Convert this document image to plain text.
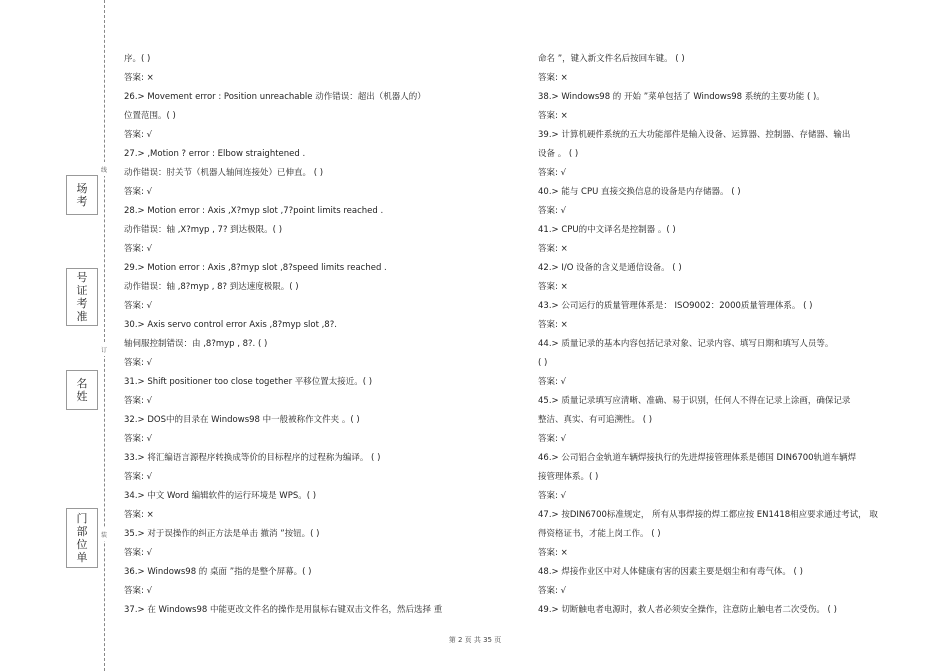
线
订
装
场
考
号
证
考
准
名
姓
门
部
位
单
序。( )
答案: ×
26.> Movement error : Position unreachable 动作错误：超出（机器人的）
位置范围。( )
答案: √
27.> ,Motion ? error : Elbow straightened .
动作错误：肘关节（机器人轴间连接处）已伸直。 ( )
答案: √
28.> Motion error : Axis ,X?myp slot ,7?point limits reached .
动作错误：轴 ,X?myp , 7? 到达极限。( )
答案: √
29.> Motion error : Axis ,8?myp slot ,8?speed limits reached .
动作错误：轴 ,8?myp , 8? 到达速度极限。( )
答案: √
30.> Axis servo control error Axis ,8?myp slot ,8?.
轴伺服控制错误：由 ,8?myp , 8?. ( )
答案: √
31.> Shift positioner too close together 平移位置太接近。( )
答案: √
32.> DOS中的目录在 Windows98 中一般被称作文件夹 。( )
答案: √
33.> 将汇编语言源程序转换成等价的目标程序的过程称为编译。 ( )
答案: √
34.> 中文 Word 编辑软件的运行环境是 WPS。( )
答案: ×
35.> 对于误操作的纠正方法是单击 撤消 ”按钮。( )
答案: √
36.> Windows98 的 桌面 ”指的是整个屏幕。( )
答案: √
37.> 在 Windows98 中能更改文件名的操作是用鼠标右键双击文件名，然后选择 重
命名 ”，键入新文件名后按回车键。 ( )
答案: ×
38.> Windows98 的 开始 ”菜单包括了 Windows98 系统的主要功能 ( )。
答案: ×
39.> 计算机硬件系统的五大功能部件是输入设备、运算器、控制器、存储器、输出
设备 。 ( )
答案: √
40.> 能与 CPU 直接交换信息的设备是内存储器。 ( )
答案: √
41.> CPU的中文译名是控制器 。( )
答案: ×
42.> I/O 设备的含义是通信设备。 ( )
答案: ×
43.> 公司运行的质量管理体系是： ISO9002：2000质量管理体系。 ( )
答案: ×
44.> 质量记录的基本内容包括记录对象、记录内容、填写日期和填写人员等。
( )
答案: √
45.> 质量记录填写应清晰、准确、易于识别，任何人不得在记录上涂画，确保记录
整洁、真实、有可追溯性。 ( )
答案: √
46.> 公司铝合金轨道车辆焊接执行的先进焊接管理体系是德国 DIN6700轨道车辆焊
接管理体系。( )
答案: √
47.> 按DIN6700标准规定， 所有从事焊接的焊工都应按 EN1418相应要求通过考试， 取
得资格证书，才能上岗工作。 ( )
答案: ×
48.> 焊接作业区中对人体健康有害的因素主要是烟尘和有毒气体。 ( )
答案: √
49.> 切断触电者电源时，救人者必须安全操作，注意防止触电者二次受伤。 ( )
第 2 页 共 35 页
